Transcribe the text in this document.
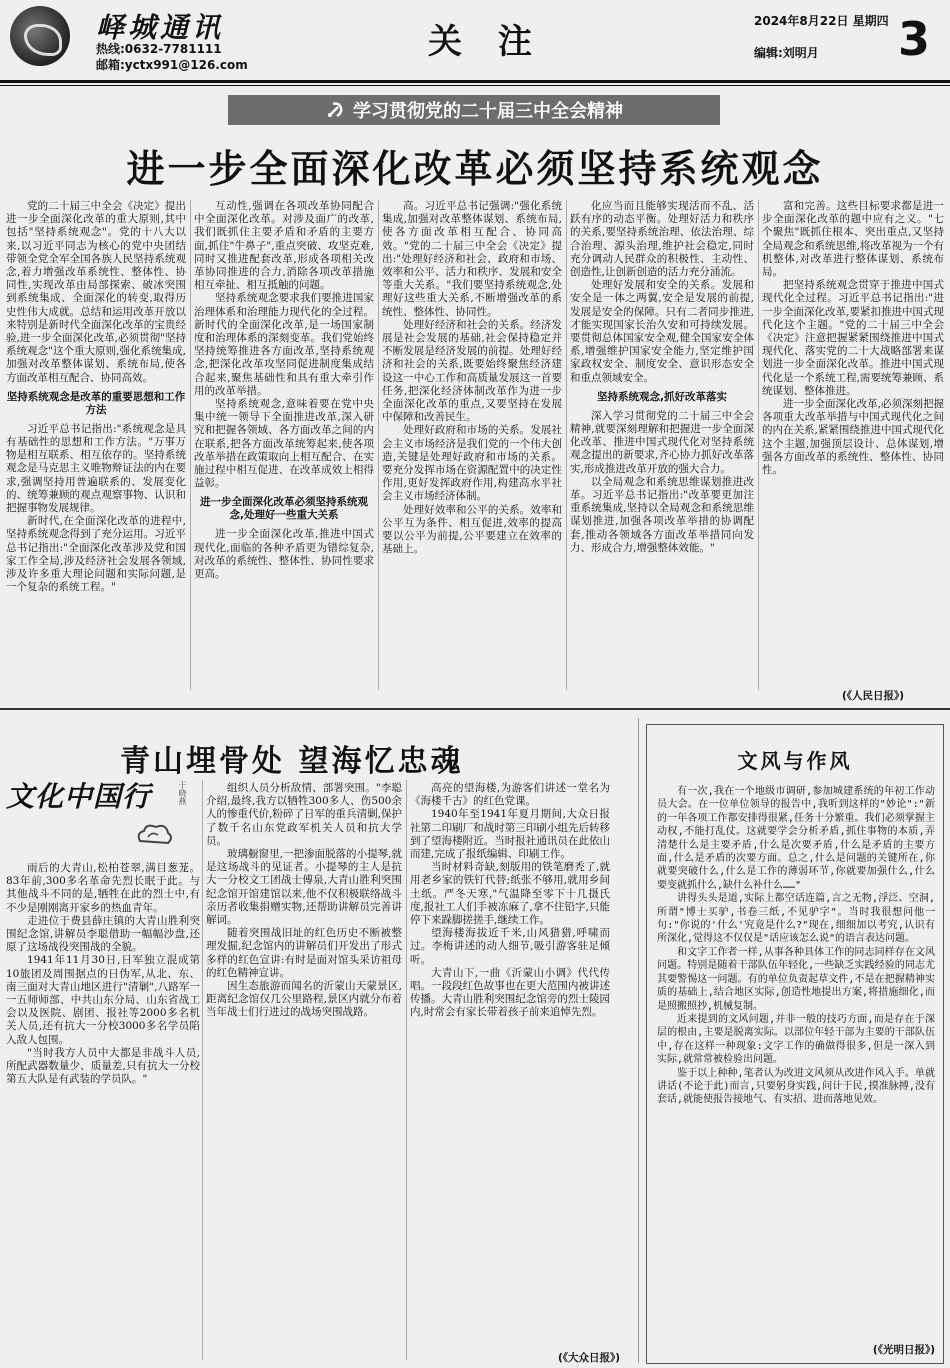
峄城通讯
热线:0632-7781111
邮箱:yctx991@126.com
关 注
2024年8月22日 星期四
编辑:刘明月 3
学习贯彻党的二十届三中全会精神
进一步全面深化改革必须坚持系统观念

党的二十届三中全会《决定》提出进一步全面深化改革的重大原则,其中包括"坚持系统观念"。党的十八大以来,以习近平同志为核心的党中央团结带领全党全军全国各族人民坚持系统观念,着力增强改革系统性、整体性、协同性,实现改革由局部探索、破冰突围到系统集成、全面深化的转变,取得历史性伟大成就。总结和运用改革开放以来特别是新时代全面深化改革的宝贵经验,进一步全面深化改革,必须贯彻"坚持系统观念"这个重大原则,强化系统集成,加强对改革整体谋划、系统布局,使各方面改革相互配合、协同高效。

坚持系统观念是改革的重要思想和工作方法

习近平总书记指出:"系统观念是具有基础性的思想和工作方法。"万事万物是相互联系、相互依存的。坚持系统观念是马克思主义唯物辩证法的内在要求,强调坚持用普遍联系的、发展变化的、统筹兼顾的观点观察事物、认识和把握事物发展规律。

新时代,在全面深化改革的进程中,坚持系统观念得到了充分运用。习近平总书记指出:"全面深化改革涉及党和国家工作全局,涉及经济社会发展各领域,涉及许多重大理论问题和实际问题,是一个复杂的系统工程。"

互动性,强调在各项改革协同配合中全面深化改革。对涉及面广的改革,我们既抓住主要矛盾和矛盾的主要方面,抓住"牛鼻子",重点突破、攻坚克难,同时又推进配套改革,形成各项相关改革协同推进的合力,消除各项改革措施相互牵扯、相互抵触的问题。

坚持系统观念要求我们要推进国家治理体系和治理能力现代化的全过程。新时代的全面深化改革,是一场国家制度和治理体系的深刻变革。我们党始终坚持统筹推进各方面改革,坚持系统观念,把深化改革攻坚同促进制度集成结合起来,聚焦基础性和具有重大牵引作用的改革举措。

坚持系统观念,意味着要在党中央集中统一领导下全面推进改革,深入研究和把握各领域、各方面改革之间的内在联系,把各方面改革统筹起来,使各项改革举措在政策取向上相互配合、在实施过程中相互促进、在改革成效上相得益彰。

进一步全面深化改革必须坚持系统观念,处理好一些重大关系

进一步全面深化改革,推进中国式现代化,面临的各种矛盾更为错综复杂,对改革的系统性、整体性、协同性要求更高。

高。习近平总书记强调:"强化系统集成,加强对改革整体谋划、系统布局,使各方面改革相互配合、协同高效。"党的二十届三中全会《决定》提出:"处理好经济和社会、政府和市场、效率和公平、活力和秩序、发展和安全等重大关系。"我们要坚持系统观念,处理好这些重大关系,不断增强改革的系统性、整体性、协同性。

处理好经济和社会的关系。经济发展是社会发展的基础,社会保持稳定并不断发展是经济发展的前提。处理好经济和社会的关系,既要始终聚焦经济建设这一中心工作和高质量发展这一首要任务,把深化经济体制改革作为进一步全面深化改革的重点,又要坚持在发展中保障和改善民生。

处理好政府和市场的关系。发展社会主义市场经济是我们党的一个伟大创造,关键是处理好政府和市场的关系。要充分发挥市场在资源配置中的决定性作用,更好发挥政府作用,构建高水平社会主义市场经济体制。

处理好效率和公平的关系。效率和公平互为条件、相互促进,效率的提高要以公平为前提,公平要建立在效率的基础上。

化应当而且能够实现活而不乱、活跃有序的动态平衡。处理好活力和秩序的关系,要坚持系统治理、依法治理、综合治理、源头治理,维护社会稳定,同时充分调动人民群众的积极性、主动性、创造性,让创新创造的活力充分涌流。

处理好发展和安全的关系。发展和安全是一体之两翼,安全是发展的前提,发展是安全的保障。只有二者同步推进,才能实现国家长治久安和可持续发展。要贯彻总体国家安全观,健全国家安全体系,增强维护国家安全能力,坚定维护国家政权安全、制度安全、意识形态安全和重点领域安全。

坚持系统观念,抓好改革落实

深入学习贯彻党的二十届三中全会精神,就要深刻理解和把握进一步全面深化改革、推进中国式现代化对坚持系统观念提出的新要求,齐心协力抓好改革落实,形成推进改革开放的强大合力。

以全局观念和系统思维谋划推进改革。习近平总书记指出:"改革要更加注重系统集成,坚持以全局观念和系统思维谋划推进,加强各项改革举措的协调配套,推动各领域各方面改革举措同向发力、形成合力,增强整体效能。"

富和完善。这些目标要求都是进一步全面深化改革的题中应有之义。"七个聚焦"既抓住根本、突出重点,又坚持全局观念和系统思维,将改革视为一个有机整体,对改革进行整体谋划、系统布局。

把坚持系统观念贯穿于推进中国式现代化全过程。习近平总书记指出:"进一步全面深化改革,要紧扣推进中国式现代化这个主题。"党的二十届三中全会《决定》注意把握紧紧围绕推进中国式现代化、落实党的二十大战略部署来谋划进一步全面深化改革。推进中国式现代化是一个系统工程,需要统筹兼顾、系统谋划、整体推进。

进一步全面深化改革,必须深刻把握各项重大改革举措与中国式现代化之间的内在关系,紧紧围绕推进中国式现代化这个主题,加强顶层设计、总体谋划,增强各方面改革的系统性、整体性、协同性。

(《人民日报》)
青山埋骨处 望海忆忠魂
文化中国行	于晓燕

雨后的大青山,松柏苍翠,满目葱茏。83年前,300多名革命先烈长眠于此。与其他战斗不同的是,牺牲在此的烈士中,有不少是刚刚离开家乡的热血青年。

走进位于费县薛庄镇的大青山胜利突围纪念馆,讲解员李聪借助一幅幅沙盘,还原了这场战役突围战的全貌。

1941年11月30日,日军独立混成第10旅团及周围据点的日伪军,从北、东、南三面对大青山地区进行"清剿",八路军一一五师师部、中共山东分局、山东省战工会以及医院、剧团、报社等2000多名机关人员,还有抗大一分校3000多名学员陷入敌人包围。

"当时我方人员中大都是非战斗人员,所配武器数量少、质量差,只有抗大一分校第五大队是有武装的学员队。"

组织人员分析敌情、部署突围。"李聪介绍,最终,我方以牺牲300多人、伤500余人的惨重代价,粉碎了日军的重兵清剿,保护了数千名山东党政军机关人员和抗大学员。

玻璃橱窗里,一把渗面脱落的小提琴,就是这场战斗的见证者。小提琴的主人是抗大一分校文工团战士傅泉,大青山胜利突围纪念馆开馆建馆以来,他不仅积极联络战斗亲历者收集捐赠实物,还帮助讲解员完善讲解词。

随着突围战旧址的红色历史不断被整理发掘,纪念馆内的讲解员们开发出了形式多样的红色宣讲:有时是面对馆头采访祖母的红色精神宣讲。

因生态旅游而闻名的沂蒙山天蒙景区,距离纪念馆仅几公里路程,景区内就分布着当年战士们行进过的战场突围战路。

高亮的望海楼,为游客们讲述一堂名为《海楼千古》的红色党课。

1940年至1941年夏月期间,大众日报社第二印刷厂和战时第三印刷小组先后转移到了望海楼附近。当时报社通讯员在此依山而建,完成了报纸编辑、印刷工作。

当时材料奇缺,刻版用的铁笔磨秃了,就用老乡家的铁钉代替;纸张不够用,就用乡间土纸。严冬天寒,"气温降至零下十几摄氏度,报社工人们手被冻麻了,拿不住铅字,只能停下来跺脚搓搓手,继续工作。

望海楼海拔近千米,山风猎猎,呼啸而过。李梅讲述的动人细节,吸引游客驻足倾听。

大青山下,一曲《沂蒙山小调》代代传唱。一段段红色故事也在更大范围内被讲述传播。大青山胜利突围纪念馆旁的烈士陵园内,时常会有家长带着孩子前来追悼先烈。

(《大众日报》)
文风与作风

有一次,我在一个地级市调研,参加城建系统的年初工作动员大会。在一位单位领导的报告中,我听到这样的"妙论":"新的一年各项工作都安排得很紧,任务十分繁重。我们必须掌握主动权,不能打乱仗。这就要学会分析矛盾,抓住事物的本质,弄清楚什么是主要矛盾,什么是次要矛盾,什么是矛盾的主要方面,什么是矛盾的次要方面。总之,什么是问题的关键所在,你就要突破什么,什么是工作的薄弱环节,你就要加强什么,什么要变就抓什么,缺什么补什么……"

讲得头头是道,实际上都空话连篇,言之无物,浮泛、空洞,所谓"博士买驴,书卷三纸,不见驴字"。当时我很想问他一句:"你说的'什么'究竟是什么?"现在,细细加以考究,认识有所深化,觉得这不仅仅是"话应该怎么说"的语言表达问题。

和文字工作者一样,从事各种具体工作的同志同样存在文风问题。特别是随着干部队伍年轻化,一些缺乏实践经验的同志尤其要警惕这一问题。有的单位负责起草文件,不是在把握精神实质的基础上,结合地区实际,创造性地提出方案,将措施细化,而是照搬照抄,机械复制。

近来提到的文风问题,并非一般的技巧方面,而是存在于深层的根由,主要是脱离实际。以部位年轻干部为主要的干部队伍中,存在这样一种现象:文字工作的确做得很多,但是一深入到实际,就常常被检验出问题。

鉴于以上种种,笔者认为改进文风须从改进作风入手。单就讲话(不论于此)而言,只要躬身实践,问计于民,摸准脉搏,没有套话,就能使报告接地气、有实招、进而落地见效。

(《光明日报》)
